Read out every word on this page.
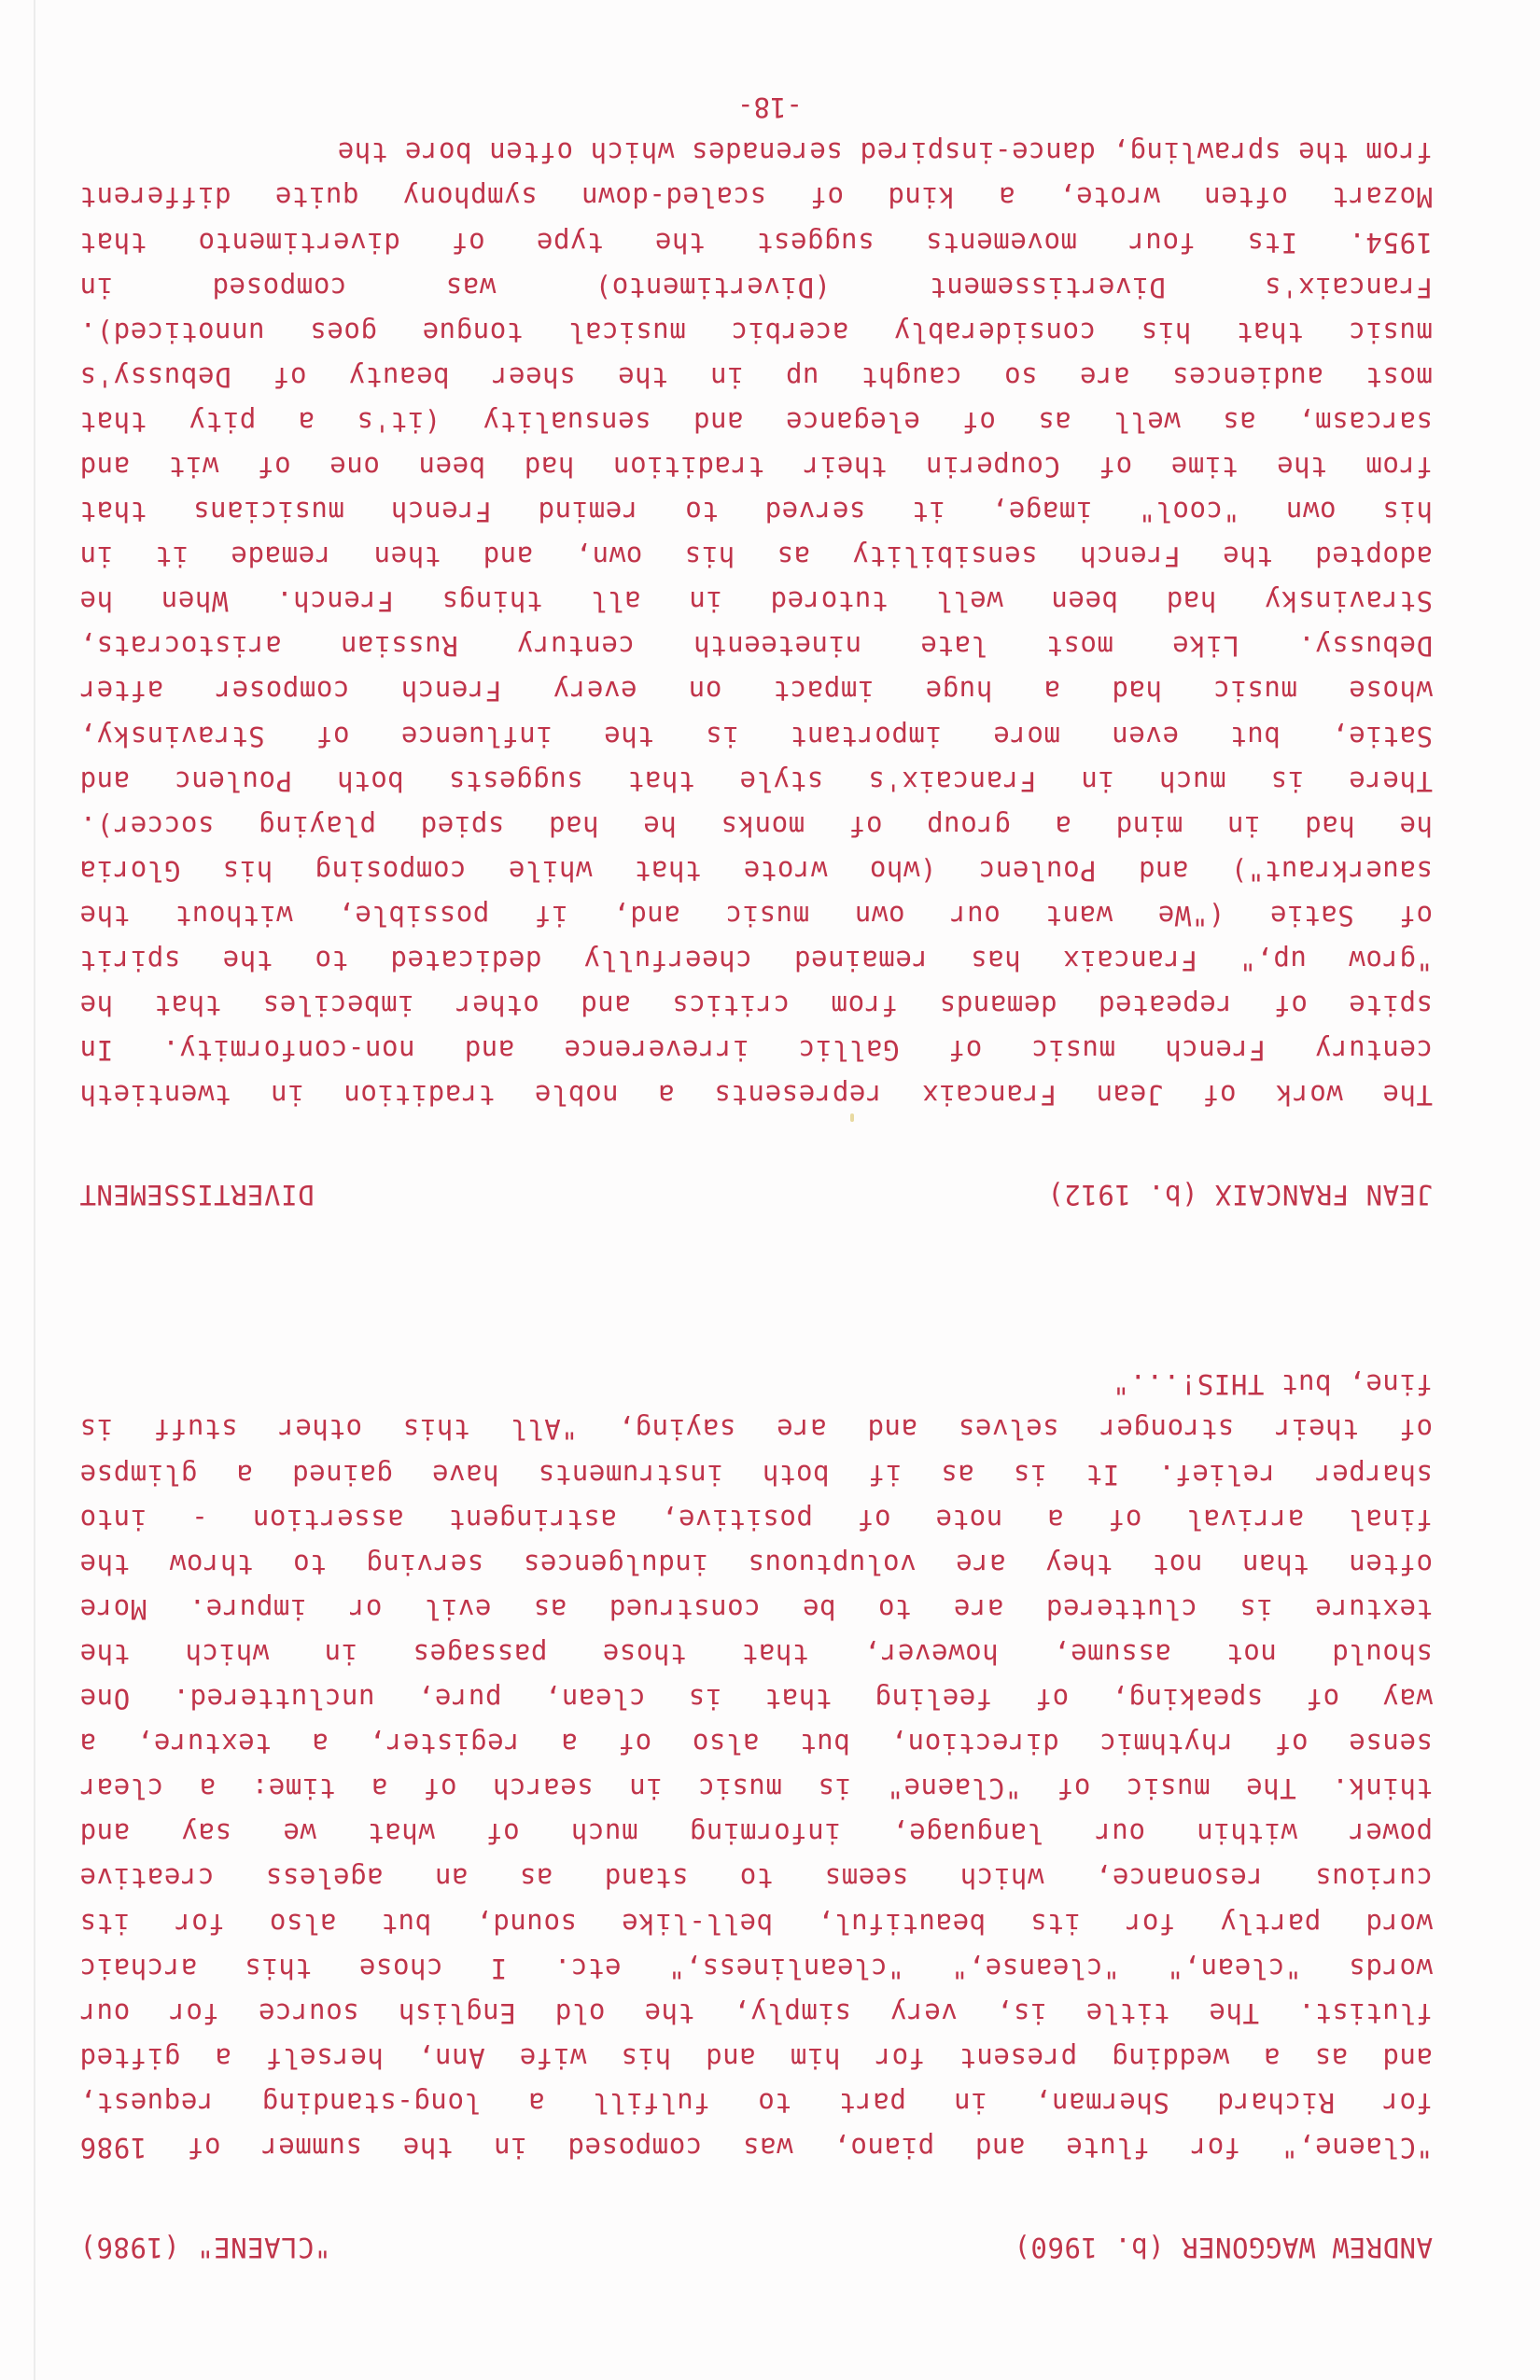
ANDREW WAGGONER (b. 1960)
"CLAENE" (1986)
"Claene," for flute and piano, was composed in the summer of 1986
for Richard Sherman, in part to fulfill a long-standing request,
and as a wedding present for him and his wife Ann, herself a gifted
flutist. The title is, very simply, the old English source for our
words "clean," "cleanse," "cleanliness," etc. I chose this archaic
word partly for its beautiful, bell-like sound, but also for its
curious resonance, which seems to stand as an ageless creative
power within our language, informing much of what we say and
think. The music of "Claene" is music in search of a time: a clear
sense of rhythmic direction, but also of a register, a texture, a
way of speaking, of feeling that is clean, pure, uncluttered. One
should not assume, however, that those passages in which the
texture is cluttered are to be construed as evil or impure. More
often than not they are voluptuous indulgences serving to throw the
final arrival of a note of positive, astringent assertion - into
sharper relief. It is as if both instruments have gained a glimpse
of their stronger selves and are saying, "All this other stuff is
fine, but THIS!..."
JEAN FRANCAIX (b. 1912)
DIVERTISSEMENT
The work of Jean Francaix represents a noble tradition in twentieth
century French music of Gallic irreverence and non-conformity. In
spite of repeated demands from critics and other imbeciles that he
"grow up," Francaix has remained cheerfully dedicated to the spirit
of Satie ("We want our own music and, if possible, without the
sauerkraut") and Poulenc (who wrote that while composing his Gloria
he had in mind a group of monks he had spied playing soccer).
There is much in Francaix's style that suggests both Poulenc and
Satie, but even more important is the influence of Stravinsky,
whose music had a huge impact on every French composer after
Debussy. Like most late nineteenth century Russian aristocrats,
Stravinsky had been well tutored in all things French. When he
adopted the French sensibility as his own, and then remade it in
his own "cool" image, it served to remind French musicians that
from the time of Couperin their tradition had been one of wit and
sarcasm, as well as of elegance and sensuality (it's a pity that
most audiences are so caught up in the sheer beauty of Debussy's
music that his considerably acerbic musical tongue goes unnoticed).
Francaix's Divertissement (Divertimento) was composed in
1954. Its four movements suggest the type of divertimento that
Mozart often wrote, a kind of scaled-down symphony quite different
from the sprawling, dance-inspired serenades which often bore the
-18-
